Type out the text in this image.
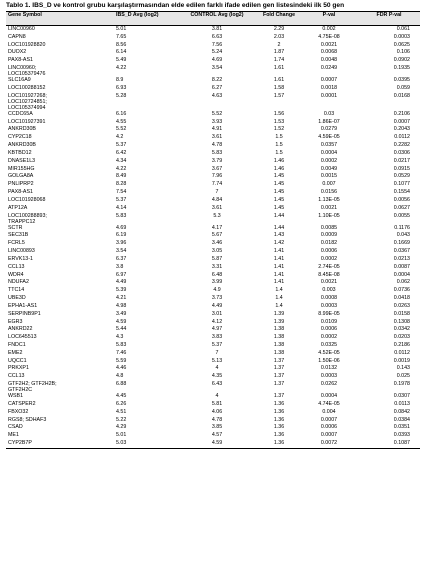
Tablo 1. IBS_D ve kontrol grubu karşılaştırmasından elde edilen farklı ifade edilen gen listesindeki ilk 50 gen
Gene Symbol	IBS_D Avg (log2)	CONTROL Avg (log2)	Fold Change	P-val	FDR P-val
LINC00960	5.01	3.81	2.29	0.002	0.061
CAPN8	7.65	6.63	2.03	4.75E-08	0.0003
LOC101928820	8.56	7.56	2	0.0021	0.0625
DUOX2	6.14	5.24	1.87	0.0068	0.106
PAX8-AS1	5.49	4.69	1.74	0.0048	0.0902
LINC00960;
LOC105379476	4.22	3.54	1.61	0.0249	0.1935
SLC16A9	8.9	8.22	1.61	0.0007	0.0395
LOC100288152	6.93	6.27	1.58	0.0018	0.059
LOC101927268;
LOC102724851;
LOC105374994	5.28	4.63	1.57	0.0001	0.0168
CCDC65A	6.16	5.52	1.56	0.03	0.2106
LOC101927391	4.55	3.93	1.53	1.86E-07	0.0007
ANKRD30B	5.52	4.91	1.52	0.0279	0.2043
CYP2C18	4.2	3.61	1.5	4.59E-05	0.0112
ANKRD30B	5.37	4.78	1.5	0.0357	0.2282
KBTBD12	6.42	5.83	1.5	0.0004	0.0306
DNASE1L3	4.34	3.79	1.46	0.0002	0.0217
MIR155HG	4.22	3.67	1.46	0.0049	0.0915
GOLGA8A	8.49	7.96	1.45	0.0015	0.0529
PNLIPRP2	8.28	7.74	1.45	0.007	0.1077
PAX8-AS1	7.54	7	1.45	0.0156	0.1554
LOC101928068	5.37	4.84	1.45	1.13E-05	0.0056
ATP12A	4.14	3.61	1.45	0.0021	0.0627
LOC100288893;
TRAPPC12	5.83	5.3	1.44	1.10E-05	0.0055
SCTR	4.69	4.17	1.44	0.0085	0.1176
SEC31B	6.19	5.67	1.43	0.0009	0.043
FCRL5	3.96	3.46	1.42	0.0182	0.1669
LINC00893	3.54	3.05	1.41	0.0006	0.0367
ERVK13-1	6.37	5.87	1.41	0.0002	0.0213
CCL13	3.8	3.31	1.41	2.74E-05	0.0087
WDR4	6.97	6.48	1.41	8.45E-08	0.0004
NDUFA2	4.49	3.99	1.41	0.0021	0.062
TTC14	5.39	4.9	1.4	0.003	0.0736
UBE3D	4.21	3.73	1.4	0.0008	0.0418
EPHA1-AS1	4.98	4.49	1.4	0.0003	0.0263
SERPINB9P1	3.49	3.01	1.39	8.99E-05	0.0158
EGR3	4.59	4.12	1.39	0.0109	0.1308
ANKRD22	5.44	4.97	1.38	0.0006	0.0342
LOC645513	4.3	3.83	1.38	0.0002	0.0203
FNDC1	5.83	5.37	1.38	0.0325	0.2186
EME2	7.46	7	1.38	4.52E-05	0.0112
UQCC1	5.59	5.13	1.37	1.50E-06	0.0019
PRKXP1	4.46	4	1.37	0.0132	0.143
CCL13	4.8	4.35	1.37	0.0003	0.025
GTF2H2; GTF2H2B;
GTF2H2C	6.88	6.43	1.37	0.0262	0.1978
WSB1	4.45	4	1.37	0.0004	0.0307
CATSPER2	6.26	5.81	1.36	4.74E-05	0.0113
FBXO32	4.51	4.06	1.36	0.004	0.0842
RGS8; SDHAF3	5.22	4.78	1.36	0.0007	0.0384
CSAD	4.29	3.85	1.36	0.0006	0.0351
ME1	5.01	4.57	1.36	0.0007	0.0393
CYP2B7P	5.03	4.59	1.36	0.0072	0.1087
